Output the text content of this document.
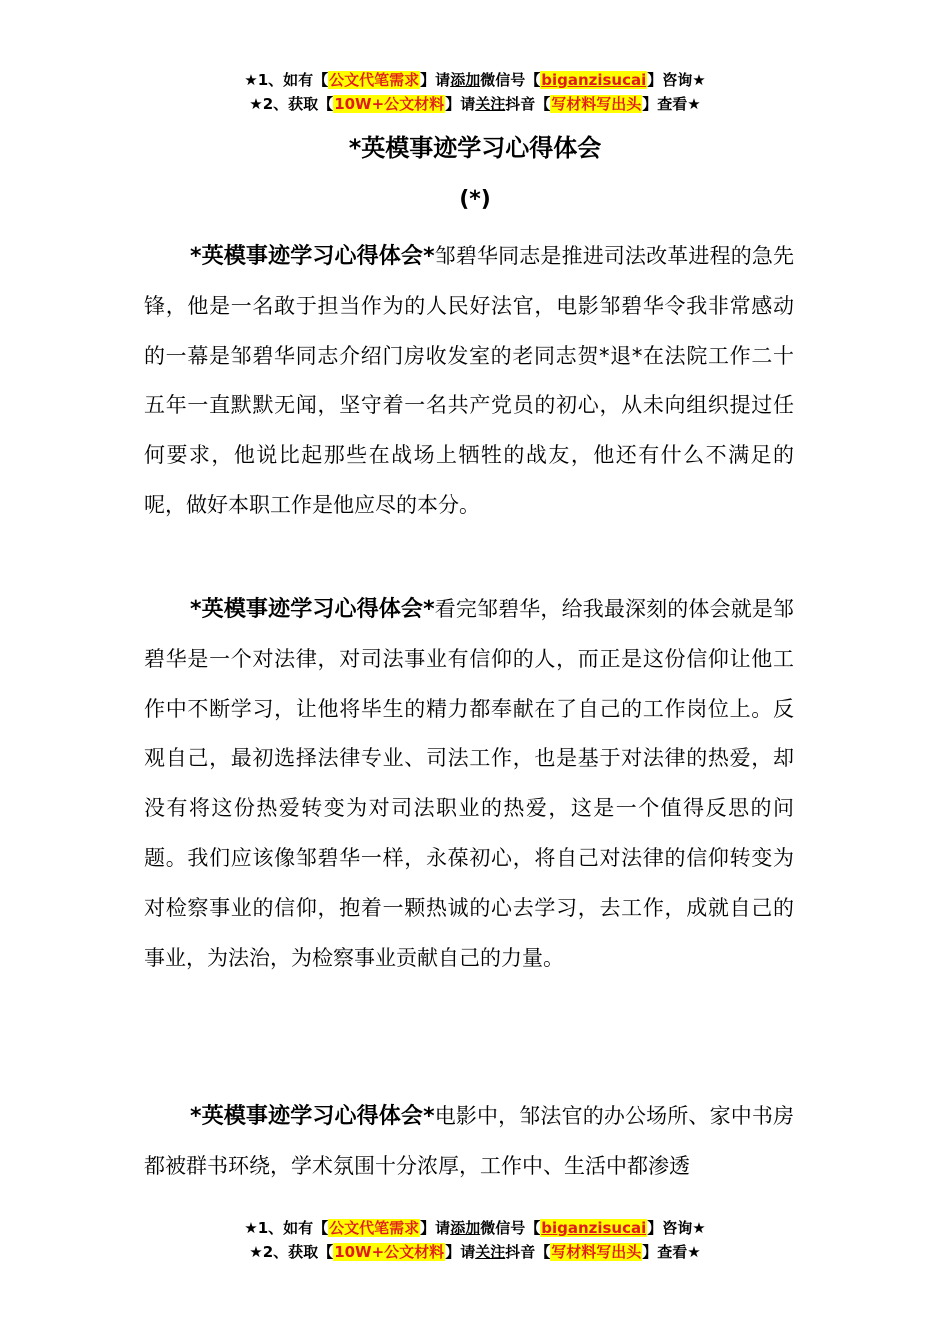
★1、如有【公文代笔需求】请添加微信号【biganzisucai】咨询★
★2、获取【10W+公文材料】请关注抖音【写材料写出头】查看★
*英模事迹学习心得体会
(*)
*英模事迹学习心得体会*邹碧华同志是推进司法改革进程的急先锋，他是一名敢于担当作为的人民好法官，电影邹碧华令我非常感动的一幕是邹碧华同志介绍门房收发室的老同志贺*退*在法院工作二十五年一直默默无闻，坚守着一名共产党员的初心，从未向组织提过任何要求，他说比起那些在战场上牺牲的战友，他还有什么不满足的呢，做好本职工作是他应尽的本分。
*英模事迹学习心得体会*看完邹碧华，给我最深刻的体会就是邹碧华是一个对法律，对司法事业有信仰的人，而正是这份信仰让他工作中不断学习，让他将毕生的精力都奉献在了自己的工作岗位上。反观自己，最初选择法律专业、司法工作，也是基于对法律的热爱，却没有将这份热爱转变为对司法职业的热爱，这是一个值得反思的问题。我们应该像邹碧华一样，永葆初心，将自己对法律的信仰转变为对检察事业的信仰，抱着一颗热诚的心去学习，去工作，成就自己的事业，为法治，为检察事业贡献自己的力量。
*英模事迹学习心得体会*电影中，邹法官的办公场所、家中书房都被群书环绕，学术氛围十分浓厚，工作中、生活中都渗透
★1、如有【公文代笔需求】请添加微信号【biganzisucai】咨询★
★2、获取【10W+公文材料】请关注抖音【写材料写出头】查看★
